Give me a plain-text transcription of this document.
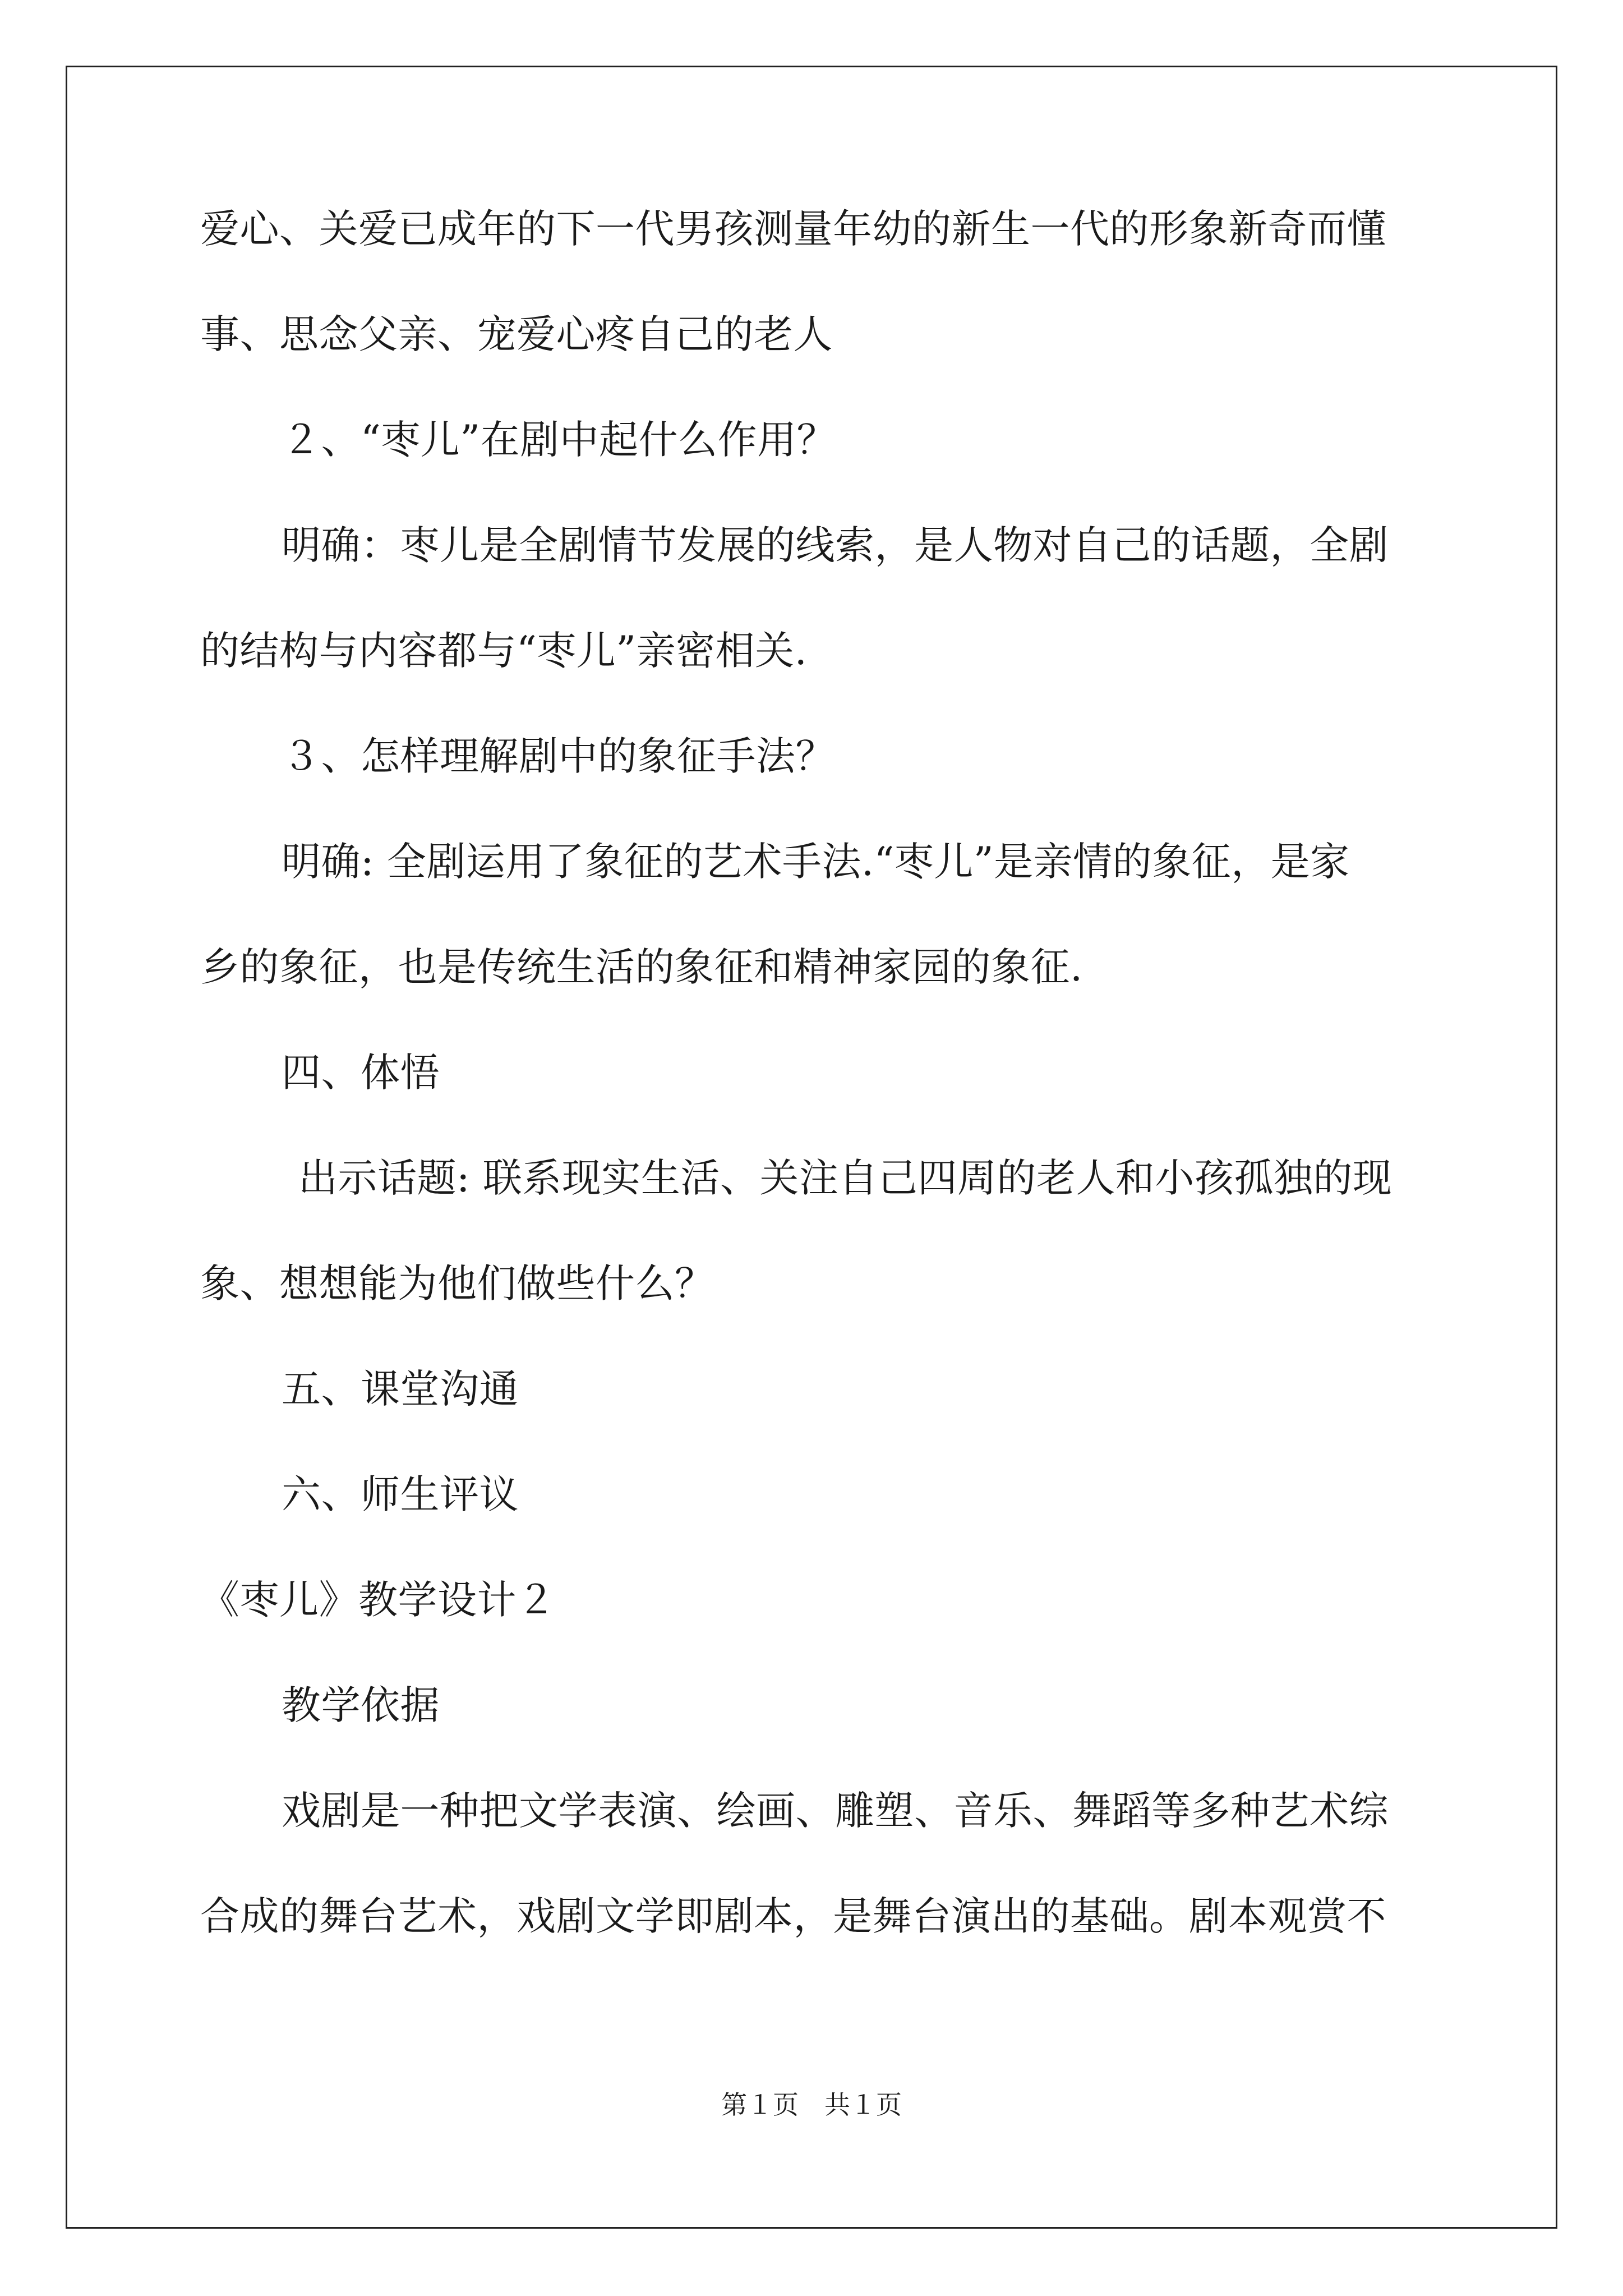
爱心、关爱已成年的下一代男孩测量年幼的新生一代的形象新奇而懂
事、思念父亲、宠爱心疼自己的老人
２、“枣儿”在剧中起什么作用？
明确：枣儿是全剧情节发展的线索，是人物对自己的话题，全剧
的结构与内容都与“枣儿”亲密相关.
３、怎样理解剧中的象征手法？
明确: 全剧运用了象征的艺术手法.“枣儿”是亲情的象征，是家
乡的象征，也是传统生活的象征和精神家园的象征.
四、体悟
出示话题: 联系现实生活、关注自己四周的老人和小孩孤独的现
象、想想能为他们做些什么？
五、课堂沟通
六、师生评议
《枣儿》教学设计２
教学依据
戏剧是一种把文学表演、绘画、雕塑、音乐、舞蹈等多种艺术综
合成的舞台艺术，戏剧文学即剧本，是舞台演出的基础。剧本观赏不
第１页　共１页
